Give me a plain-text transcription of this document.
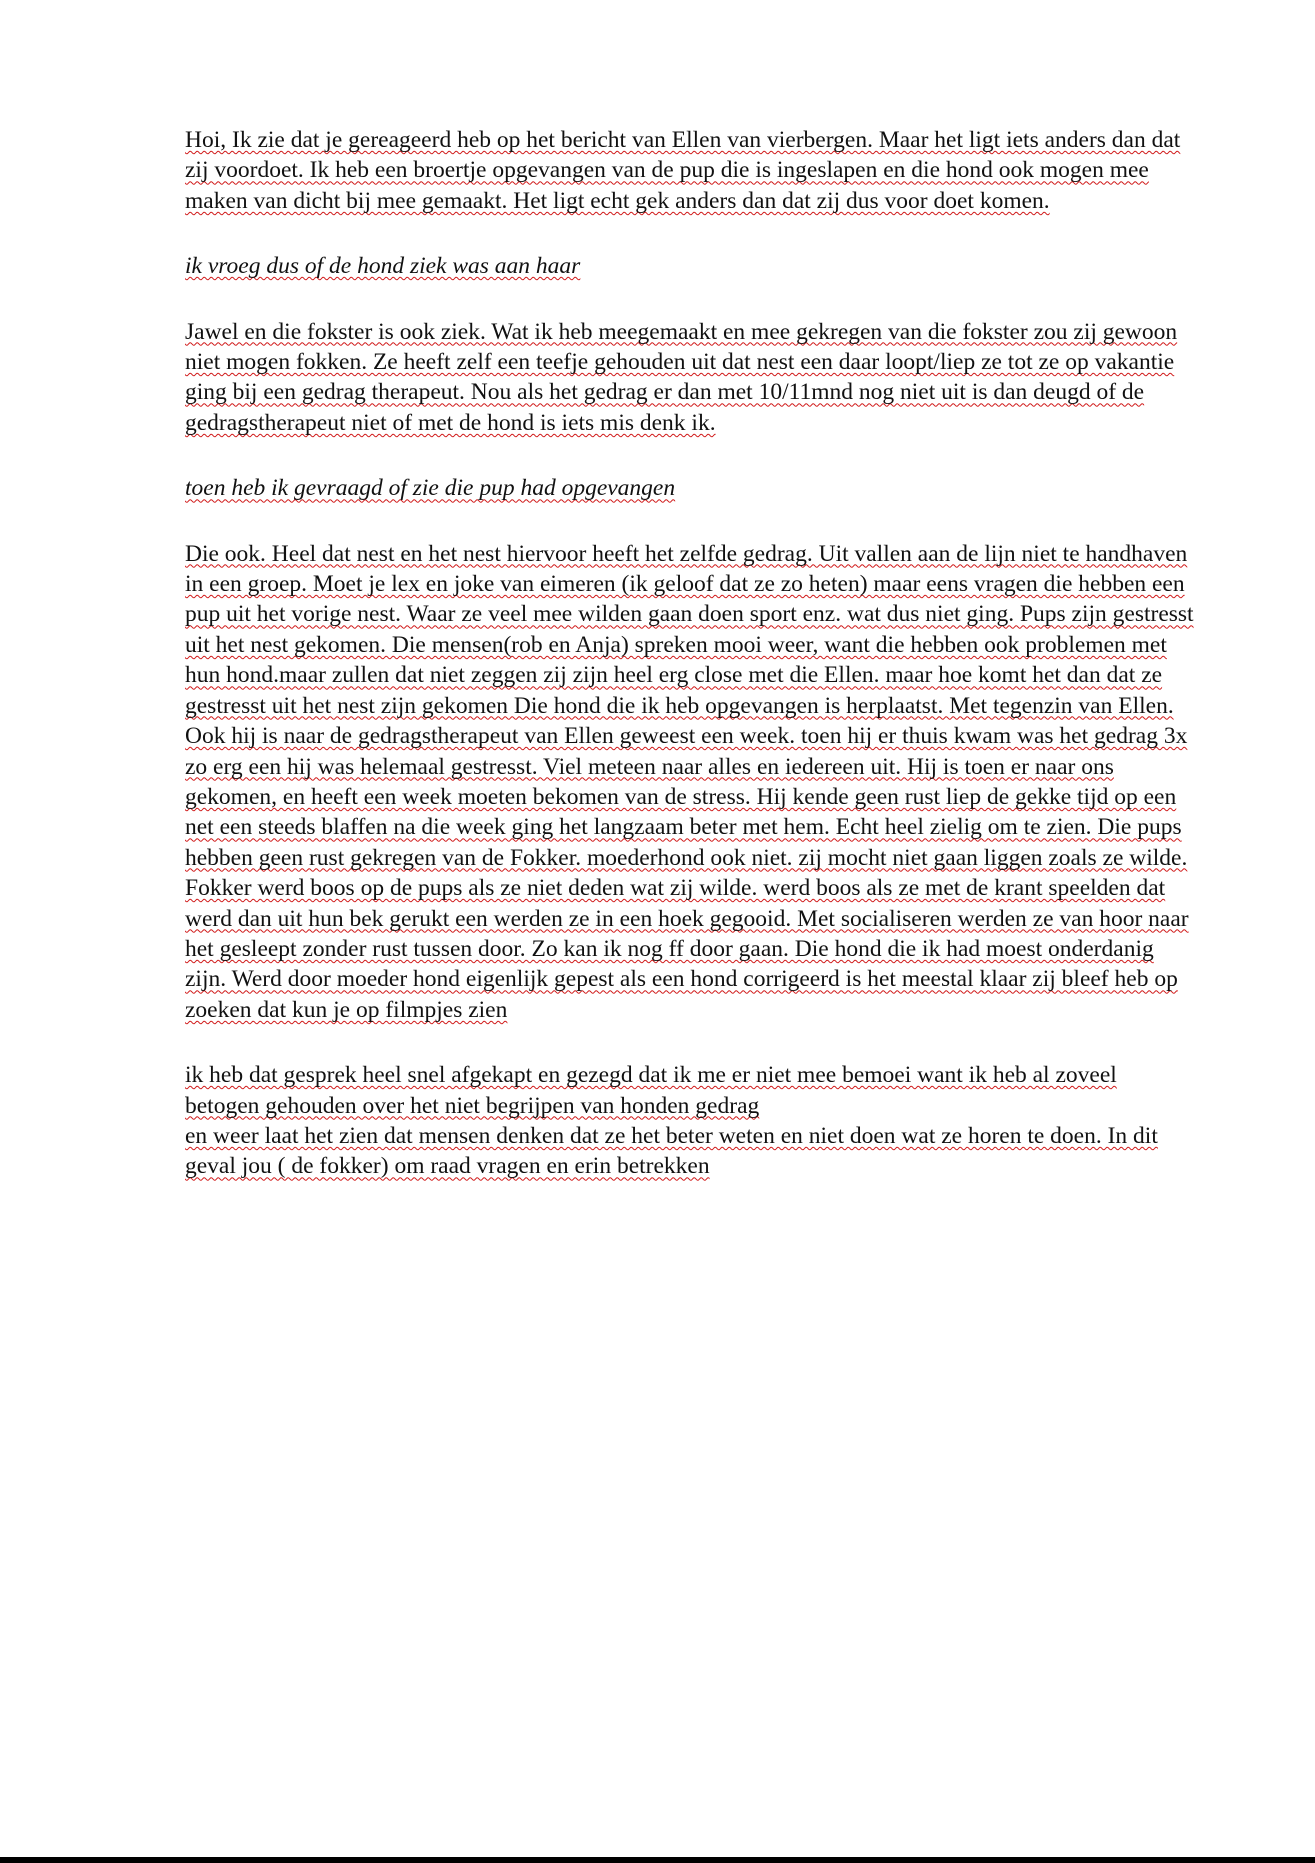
Hoi, Ik zie dat je gereageerd heb op het bericht van Ellen van vierbergen. Maar het ligt iets anders dan dat zij voordoet. Ik heb een broertje opgevangen van de pup die is ingeslapen en die hond ook mogen mee maken van dicht bij mee gemaakt. Het ligt echt gek anders dan dat zij dus voor doet komen.

ik vroeg dus of de hond ziek was aan haar

Jawel en die fokster is ook ziek. Wat ik heb meegemaakt en mee gekregen van die fokster zou zij gewoon niet mogen fokken. Ze heeft zelf een teefje gehouden uit dat nest een daar loopt/liep ze tot ze op vakantie ging bij een gedrag therapeut. Nou als het gedrag er dan met 10/11mnd nog niet uit is dan deugd of de gedragstherapeut niet of met de hond is iets mis denk ik.

toen heb ik gevraagd of zie die pup had opgevangen

Die ook. Heel dat nest en het nest hiervoor heeft het zelfde gedrag. Uit vallen aan de lijn niet te handhaven in een groep. Moet je lex en joke van eimeren (ik geloof dat ze zo heten) maar eens vragen die hebben een pup uit het vorige nest. Waar ze veel mee wilden gaan doen sport enz. wat dus niet ging. Pups zijn gestresst uit het nest gekomen. Die mensen(rob en Anja) spreken mooi weer, want die hebben ook problemen met hun hond.maar zullen dat niet zeggen zij zijn heel erg close met die Ellen. maar hoe komt het dan dat ze gestresst uit het nest zijn gekomen Die hond die ik heb opgevangen is herplaatst. Met tegenzin van Ellen. Ook hij is naar de gedragstherapeut van Ellen geweest een week. toen hij er thuis kwam was het gedrag 3x zo erg een hij was helemaal gestresst. Viel meteen naar alles en iedereen uit. Hij is toen er naar ons gekomen, en heeft een week moeten bekomen van de stress. Hij kende geen rust liep de gekke tijd op een net een steeds blaffen na die week ging het langzaam beter met hem. Echt heel zielig om te zien. Die pups hebben geen rust gekregen van de Fokker. moederhond ook niet. zij mocht niet gaan liggen zoals ze wilde. Fokker werd boos op de pups als ze niet deden wat zij wilde. werd boos als ze met de krant speelden dat werd dan uit hun bek gerukt een werden ze in een hoek gegooid. Met socialiseren werden ze van hoor naar het gesleept zonder rust tussen door. Zo kan ik nog ff door gaan. Die hond die ik had moest onderdanig zijn. Werd door moeder hond eigenlijk gepest als een hond corrigeerd is het meestal klaar zij bleef heb op zoeken dat kun je op filmpjes zien

ik heb dat gesprek heel snel afgekapt en gezegd dat ik me er niet mee bemoei want ik heb al zoveel betogen gehouden over het niet begrijpen van honden gedrag

en weer laat het zien dat mensen denken dat ze het beter weten en niet doen wat ze horen te doen. In dit geval jou ( de fokker) om raad vragen en erin betrekken
